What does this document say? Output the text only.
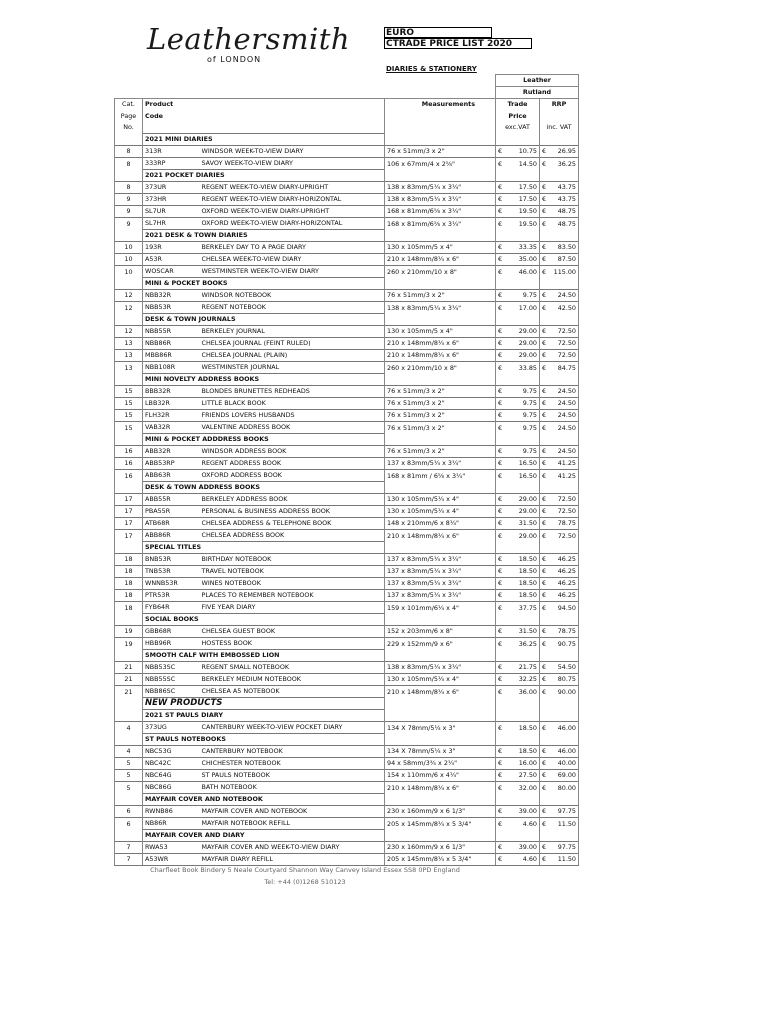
Leathersmith
of LONDON
EURO
CTRADE PRICE LIST 2020
DIARIES & STATIONERY
				Leather	
				Rutland	
Cat.	Product		Measurements	Trade	RRP
Page	Code			Price	
No.				exc.VAT	inc. VAT
	2021 MINI DIARIES				
8	313R	WINDSOR WEEK-TO-VIEW DIARY	76 x 51mm/3 x 2"	€ 10.75	€ 26.95

8	333RP	SAVOY WEEK-TO-VIEW DIARY	106 x 67mm/4 x 2⅝"	€ 14.50	€ 36.25

	2021 POCKET DIARIES				
8	373UR	REGENT WEEK-TO-VIEW DIARY-UPRIGHT	138 x 83mm/5¼ x 3¼"	€ 17.50	€ 43.75

9	373HR	REGENT WEEK-TO-VIEW DIARY-HORIZONTAL	138 x 83mm/5¼ x 3¼"	€ 17.50	€ 43.75

9	SL7UR	OXFORD WEEK-TO-VIEW DIARY-UPRIGHT	168 x 81mm/6⅝ x 3¼"	€ 19.50	€ 48.75

9	SL7HR	OXFORD WEEK-TO-VIEW DIARY-HORIZONTAL	168 x 81mm/6⅝ x 3¼"	€ 19.50	€ 48.75

	2021 DESK & TOWN DIARIES				
10	193R	BERKELEY DAY TO A PAGE DIARY	130 x 105mm/5 x 4"	€ 33.35	€ 83.50

10	A53R	CHELSEA WEEK-TO-VIEW DIARY	210 x 148mm/8¼ x 6"	€ 35.00	€ 87.50

10	WOSCAR	WESTMINSTER WEEK-TO-VIEW DIARY	260 x 210mm/10 x 8"	€ 46.00	€ 115.00

	MINI & POCKET BOOKS				
12	NBB32R	WINDSOR NOTEBOOK	76 x 51mm/3 x 2"	€ 9.75	€ 24.50

12	NBB53R	REGENT NOTEBOOK	138 x 83mm/5¼ x 3¼"	€ 17.00	€ 42.50

	DESK & TOWN JOURNALS				
12	NBB55R	BERKELEY JOURNAL	130 x 105mm/5 x 4"	€ 29.00	€ 72.50

13	NBB86R	CHELSEA JOURNAL (FEINT RULED)	210 x 148mm/8¼ x 6"	€ 29.00	€ 72.50

13	MBB86R	CHELSEA JOURNAL (PLAIN)	210 x 148mm/8¼ x 6"	€ 29.00	€ 72.50

13	NBB108R	WESTMINSTER JOURNAL	260 x 210mm/10 x 8"	€ 33.85	€ 84.75

	MINI NOVELTY ADDRESS BOOKS				
15	BBB32R	BLONDES BRUNETTES REDHEADS	76 x 51mm/3 x 2"	€ 9.75	€ 24.50

15	LBB32R	LITTLE BLACK BOOK	76 x 51mm/3 x 2"	€ 9.75	€ 24.50

15	FLH32R	FRIENDS LOVERS HUSBANDS	76 x 51mm/3 x 2"	€ 9.75	€ 24.50

15	VAB32R	VALENTINE ADDRESS BOOK	76 x 51mm/3 x 2"	€ 9.75	€ 24.50

	MINI & POCKET ADDDRESS BOOKS				
16	ABB32R	WINDSOR ADDRESS BOOK	76 x 51mm/3 x 2"	€ 9.75	€ 24.50

16	ABB53RP	REGENT ADDRESS BOOK	137 x 83mm/5¼ x 3¼"	€ 16.50	€ 41.25

16	ABB63R	OXFORD ADDRESS BOOK	168 x 81mm / 6⅝ x 3¼"	€ 16.50	€ 41.25

	DESK & TOWN ADDRESS BOOKS				
17	ABB55R	BERKELEY ADDRESS BOOK	130 x 105mm/5¼ x 4"	€ 29.00	€ 72.50

17	PBA55R	PERSONAL & BUSINESS ADDRESS BOOK	130 x 105mm/5¼ x 4"	€ 29.00	€ 72.50

17	ATB68R	CHELSEA ADDRESS & TELEPHONE BOOK	148 x 210mm/6 x 8¼"	€ 31.50	€ 78.75

17	ABB86R	CHELSEA ADDRESS BOOK	210 x 148mm/8¼ x 6"	€ 29.00	€ 72.50

	SPECIAL TITLES				
18	BNB53R	BIRTHDAY NOTEBOOK	137 x 83mm/5¼ x 3¼"	€ 18.50	€ 46.25

18	TNB53R	TRAVEL NOTEBOOK	137 x 83mm/5¼ x 3¼"	€ 18.50	€ 46.25

18	WNNB53R	WINES NOTEBOOK	137 x 83mm/5¼ x 3¼"	€ 18.50	€ 46.25

18	PTR53R	PLACES TO REMEMBER NOTEBOOK	137 x 83mm/5¼ x 3¼"	€ 18.50	€ 46.25

18	FYB64R	FIVE YEAR DIARY	159 x 101mm/6¼ x 4"	€ 37.75	€ 94.50

	SOCIAL BOOKS				
19	GBB68R	CHELSEA GUEST BOOK	152 x 203mm/6 x 8"	€ 31.50	€ 78.75

19	HBB96R	HOSTESS BOOK	229 x 152mm/9 x 6"	€ 36.25	€ 90.75

	SMOOTH CALF WITH EMBOSSED LION				
21	NBB53SC	REGENT SMALL NOTEBOOK	138 x 83mm/5¼ x 3¼"	€ 21.75	€ 54.50

21	NBB55SC	BERKELEY MEDIUM NOTEBOOK	130 x 105mm/5¼ x 4"	€ 32.25	€ 80.75

21	NBB86SC	CHELSEA A5 NOTEBOOK	210 x 148mm/8¼ x 6"	€ 36.00	€ 90.00

	NEW PRODUCTS				
	2021 ST PAULS DIARY				
4	373UG	CANTERBURY WEEK-TO-VIEW POCKET DIARY	134 X 78mm/5¼ x 3"	€ 18.50	€ 46.00

	ST PAULS NOTEBOOKS				
4	NBC53G	CANTERBURY NOTEBOOK	134 X 78mm/5¼ x 3"	€ 18.50	€ 46.00

5	NBC42C	CHICHESTER NOTEBOOK	94 x 58mm/3¾ x 2¼"	€ 16.00	€ 40.00

5	NBC64G	ST PAULS NOTEBOOK	154 x 110mm/6 x 4¼"	€ 27.50	€ 69.00

5	NBC86G	BATH NOTEBOOK	210 x 148mm/8¼ x 6"	€ 32.00	€ 80.00

	MAYFAIR COVER AND NOTEBOOK				
6	RWNB86	MAYFAIR COVER AND NOTEBOOK	230 x 160mm/9 x 6 1/3"	€ 39.00	€ 97.75

6	NB86R	MAYFAIR NOTEBOOK REFILL	205 x 145mm/8¼ x 5 3/4"	€ 4.60	€ 11.50

	MAYFAIR COVER AND DIARY				
7	RWA53	MAYFAIR COVER AND WEEK-TO-VIEW DIARY	230 x 160mm/9 x 6 1/3"	€ 39.00	€ 97.75

7	A53WR	MAYFAIR DIARY REFILL	205 x 145mm/8¼ x 5 3/4"	€ 4.60	€ 11.50
Charfleet Book Bindery 5 Neale Courtyard Shannon Way Canvey Island Essex SS8 0PD England
Tel: +44 (0)1268 510123
